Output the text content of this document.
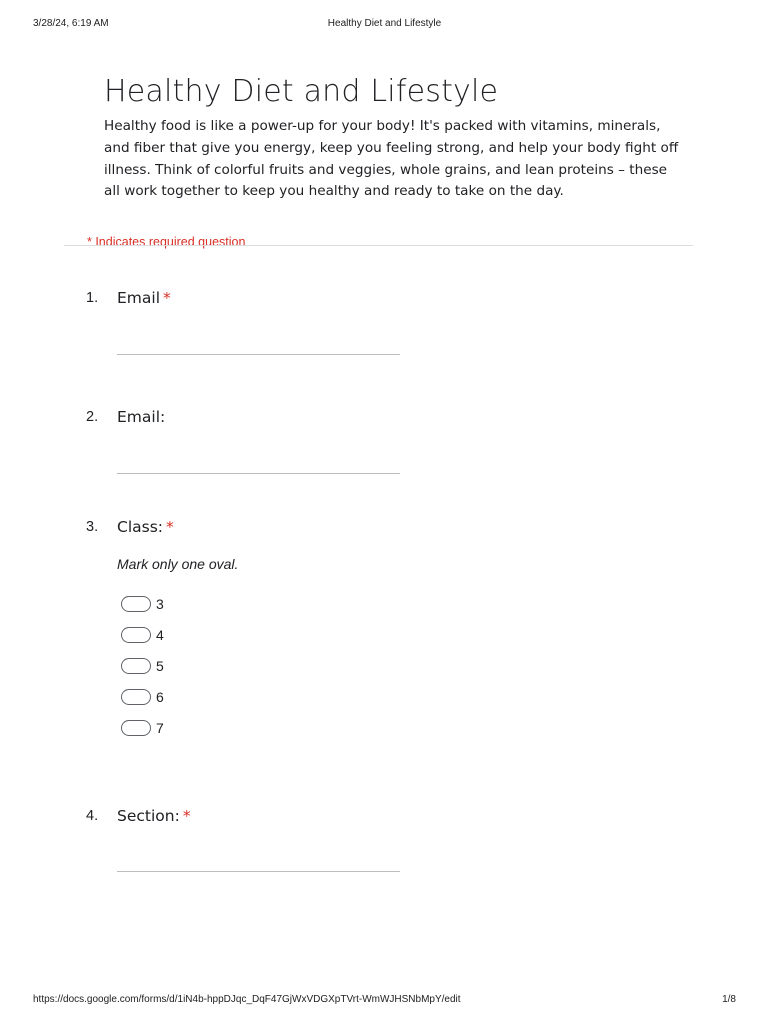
3/28/24, 6:19 AM	Healthy Diet and Lifestyle
Healthy Diet and Lifestyle
Healthy food is like a power-up for your body! It's packed with vitamins, minerals, and fiber that give you energy, keep you feeling strong, and help your body fight off illness. Think of colorful fruits and veggies, whole grains, and lean proteins – these all work together to keep you healthy and ready to take on the day.
* Indicates required question
1. Email *
2. Email:
3. Class: *
Mark only one oval.
3
4
5
6
7
4. Section: *
https://docs.google.com/forms/d/1iN4b-hppDJqc_DqF47GjWxVDGXpTVrt-WmWJHSNbMpY/edit	1/8
